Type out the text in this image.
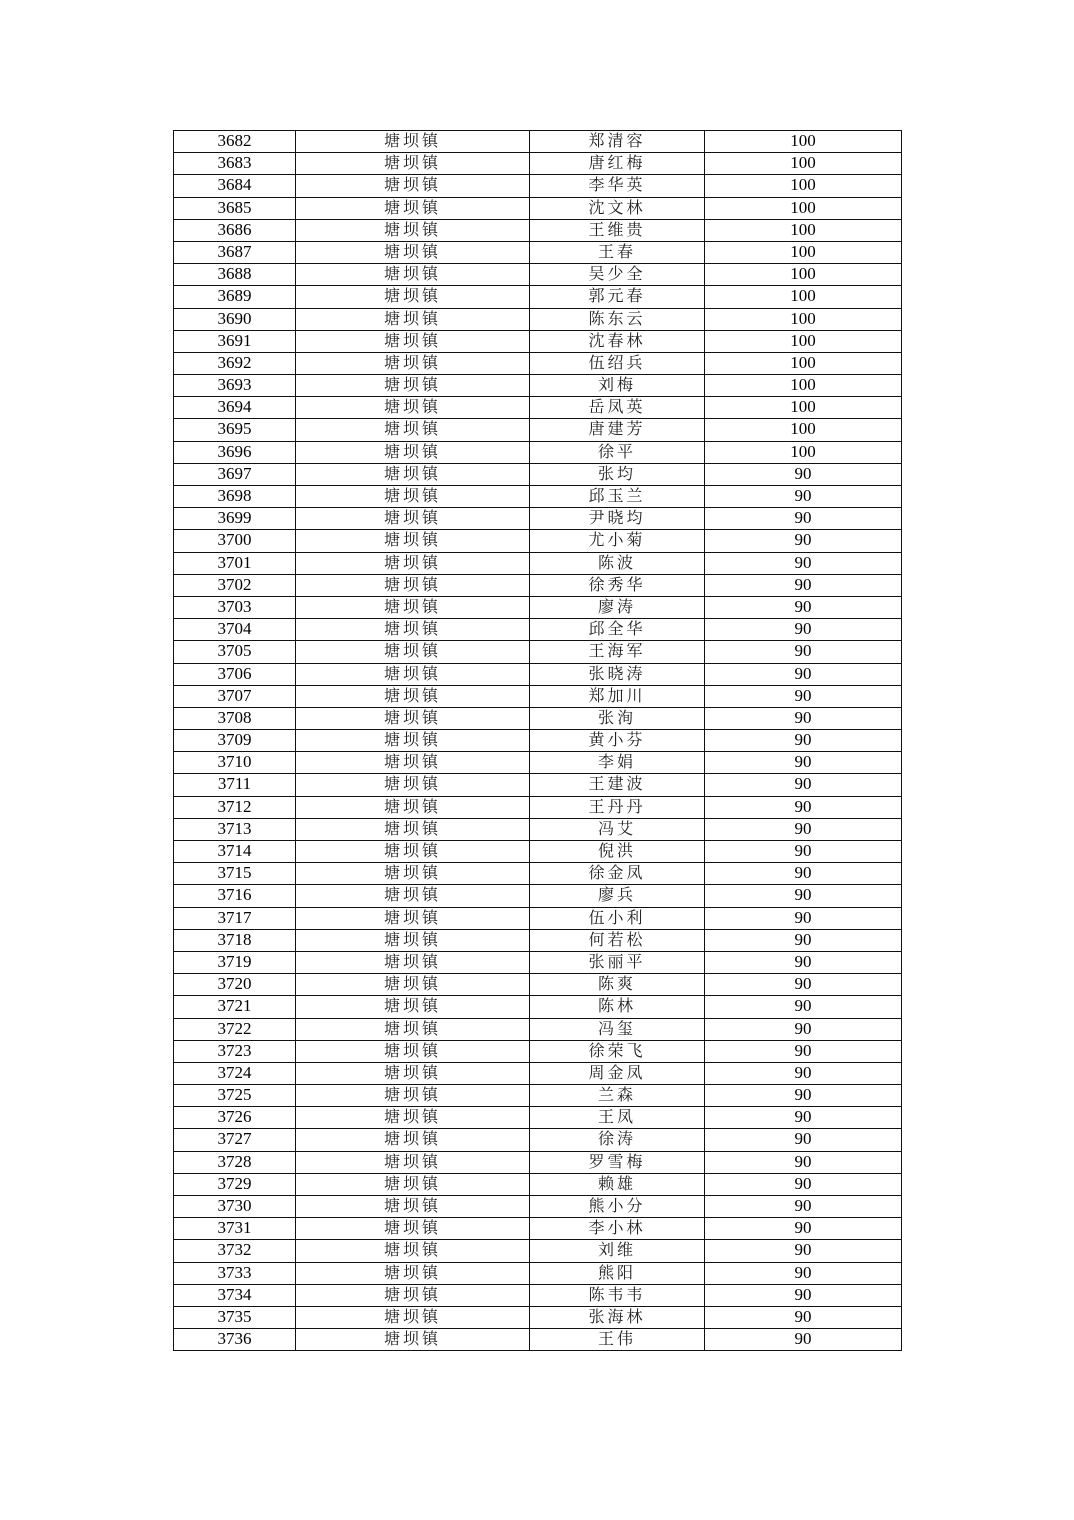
3682	塘坝镇	郑清容	100
3683	塘坝镇	唐红梅	100
3684	塘坝镇	李华英	100
3685	塘坝镇	沈文林	100
3686	塘坝镇	王维贵	100
3687	塘坝镇	王春	100
3688	塘坝镇	吴少全	100
3689	塘坝镇	郭元春	100
3690	塘坝镇	陈东云	100
3691	塘坝镇	沈春林	100
3692	塘坝镇	伍绍兵	100
3693	塘坝镇	刘梅	100
3694	塘坝镇	岳凤英	100
3695	塘坝镇	唐建芳	100
3696	塘坝镇	徐平	100
3697	塘坝镇	张均	90
3698	塘坝镇	邱玉兰	90
3699	塘坝镇	尹晓均	90
3700	塘坝镇	尤小菊	90
3701	塘坝镇	陈波	90
3702	塘坝镇	徐秀华	90
3703	塘坝镇	廖涛	90
3704	塘坝镇	邱全华	90
3705	塘坝镇	王海军	90
3706	塘坝镇	张晓涛	90
3707	塘坝镇	郑加川	90
3708	塘坝镇	张洵	90
3709	塘坝镇	黄小芬	90
3710	塘坝镇	李娟	90
3711	塘坝镇	王建波	90
3712	塘坝镇	王丹丹	90
3713	塘坝镇	冯艾	90
3714	塘坝镇	倪洪	90
3715	塘坝镇	徐金凤	90
3716	塘坝镇	廖兵	90
3717	塘坝镇	伍小利	90
3718	塘坝镇	何若松	90
3719	塘坝镇	张丽平	90
3720	塘坝镇	陈爽	90
3721	塘坝镇	陈林	90
3722	塘坝镇	冯玺	90
3723	塘坝镇	徐荣飞	90
3724	塘坝镇	周金凤	90
3725	塘坝镇	兰森	90
3726	塘坝镇	王凤	90
3727	塘坝镇	徐涛	90
3728	塘坝镇	罗雪梅	90
3729	塘坝镇	赖雄	90
3730	塘坝镇	熊小分	90
3731	塘坝镇	李小林	90
3732	塘坝镇	刘维	90
3733	塘坝镇	熊阳	90
3734	塘坝镇	陈韦韦	90
3735	塘坝镇	张海林	90
3736	塘坝镇	王伟	90
